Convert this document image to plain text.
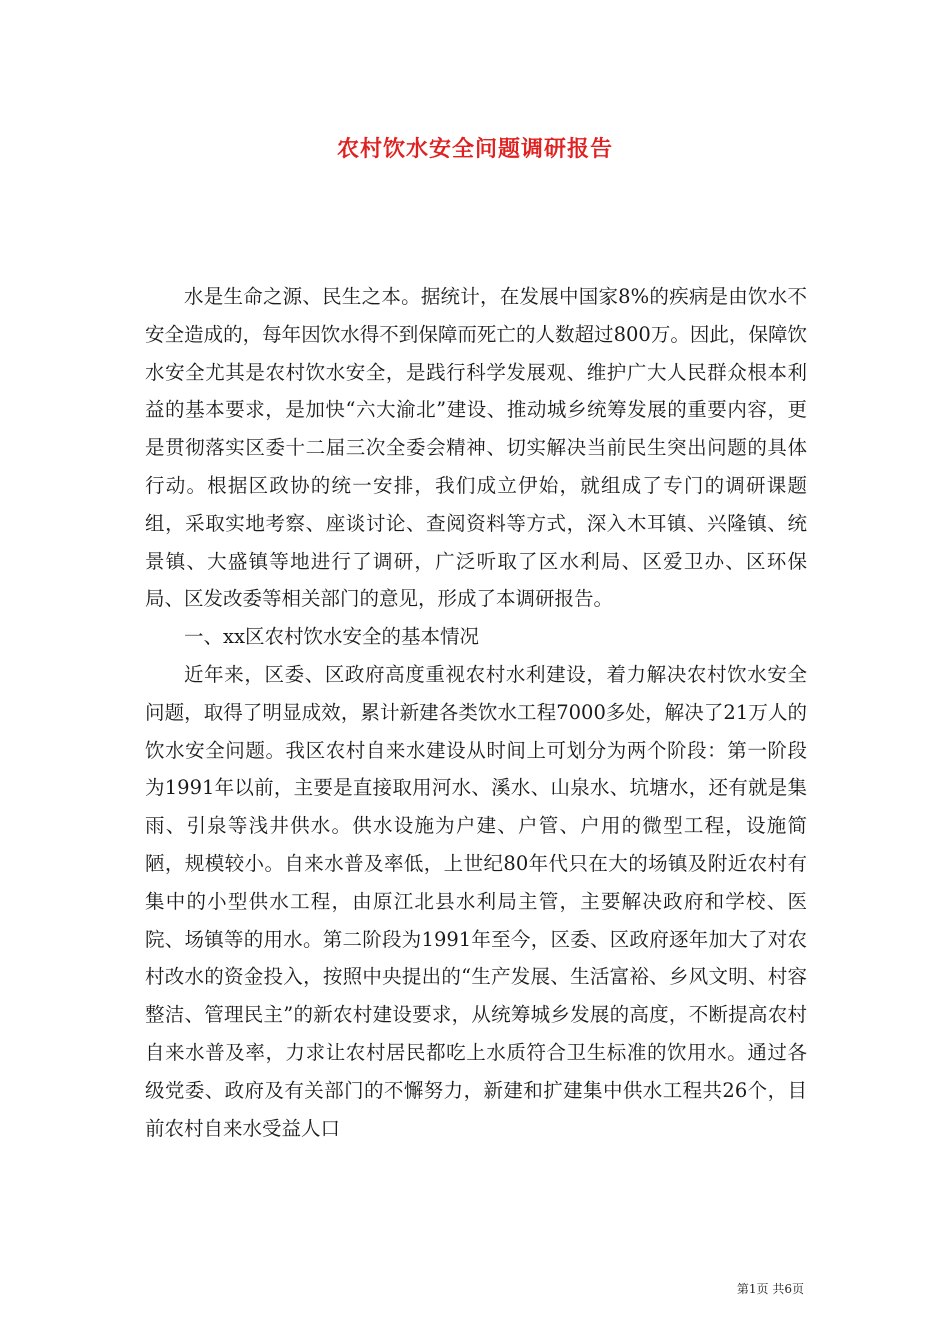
农村饮水安全问题调研报告

水是生命之源、民生之本。据统计，在发展中国家8%的疾病是由饮水不安全造成的，每年因饮水得不到保障而死亡的人数超过800万。因此，保障饮水安全尤其是农村饮水安全，是践行科学发展观、维护广大人民群众根本利益的基本要求，是加快“六大渝北”建设、推动城乡统筹发展的重要内容，更是贯彻落实区委十二届三次全委会精神、切实解决当前民生突出问题的具体行动。根据区政协的统一安排，我们成立伊始，就组成了专门的调研课题组，采取实地考察、座谈讨论、查阅资料等方式，深入木耳镇、兴隆镇、统景镇、大盛镇等地进行了调研，广泛听取了区水利局、区爱卫办、区环保局、区发改委等相关部门的意见，形成了本调研报告。

一、xx区农村饮水安全的基本情况

近年来，区委、区政府高度重视农村水利建设，着力解决农村饮水安全问题，取得了明显成效，累计新建各类饮水工程7000多处，解决了21万人的饮水安全问题。我区农村自来水建设从时间上可划分为两个阶段：第一阶段为1991年以前，主要是直接取用河水、溪水、山泉水、坑塘水，还有就是集雨、引泉等浅井供水。供水设施为户建、户管、户用的微型工程，设施简陋，规模较小。自来水普及率低，上世纪80年代只在大的场镇及附近农村有集中的小型供水工程，由原江北县水利局主管，主要解决政府和学校、医院、场镇等的用水。第二阶段为1991年至今，区委、区政府逐年加大了对农村改水的资金投入，按照中央提出的“生产发展、生活富裕、乡风文明、村容整洁、管理民主”的新农村建设要求，从统筹城乡发展的高度，不断提高农村自来水普及率，力求让农村居民都吃上水质符合卫生标准的饮用水。通过各级党委、政府及有关部门的不懈努力，新建和扩建集中供水工程共26个，目前农村自来水受益人口

第1页 共6页
